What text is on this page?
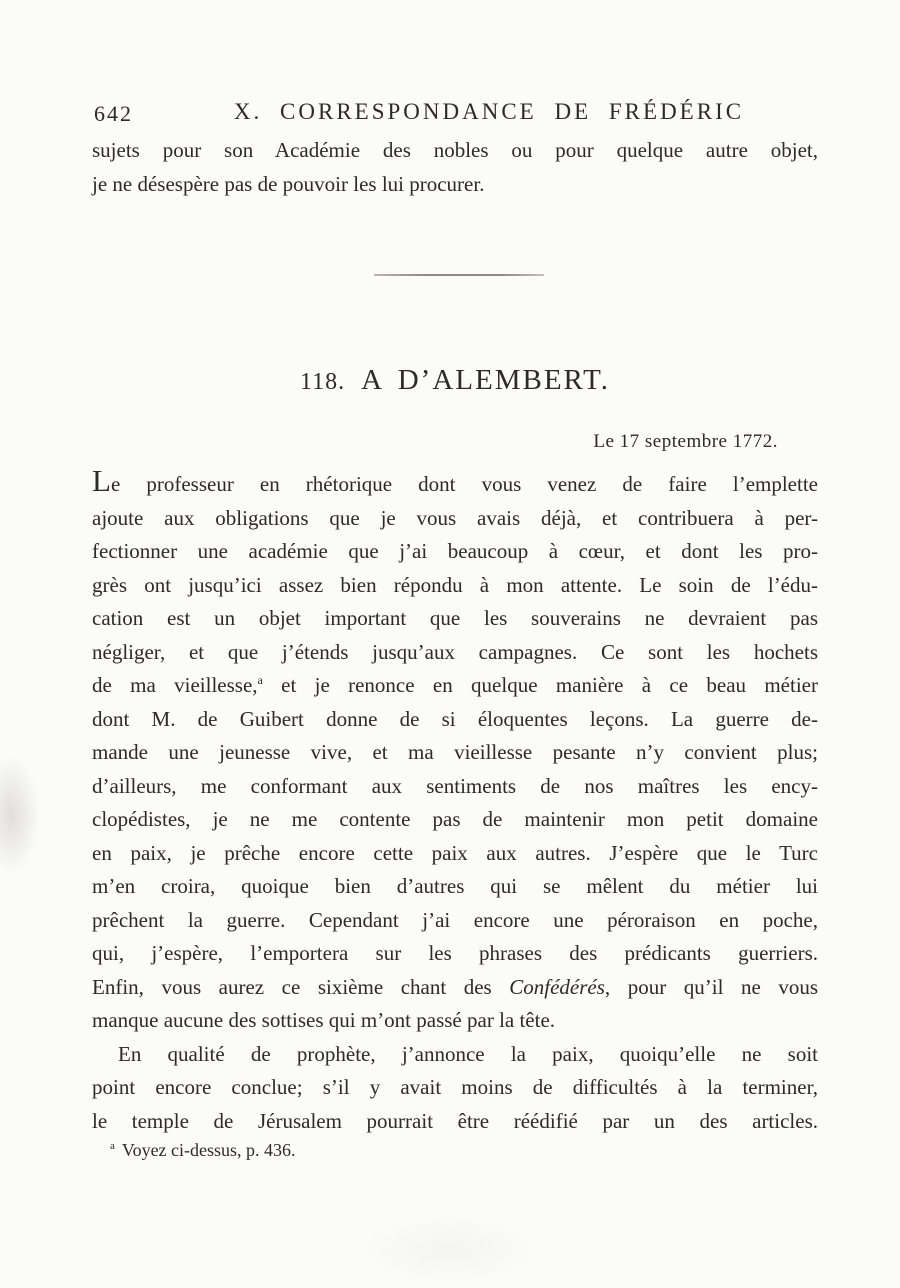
642	X. CORRESPONDANCE DE FRÉDÉRIC
sujets pour son Académie des nobles ou pour quelque autre objet,
je ne désespère pas de pouvoir les lui procurer.
118. A D’ALEMBERT.
Le 17 septembre 1772.
Le professeur en rhétorique dont vous venez de faire l’emplette
ajoute aux obligations que je vous avais déjà, et contribuera à per-
fectionner une académie que j’ai beaucoup à cœur, et dont les pro-
grès ont jusqu’ici assez bien répondu à mon attente. Le soin de l’édu-
cation est un objet important que les souverains ne devraient pas
négliger, et que j’étends jusqu’aux campagnes. Ce sont les hochets
de ma vieillesse,$^a$ et je renonce en quelque manière à ce beau métier
dont M. de Guibert donne de si éloquentes leçons. La guerre de-
mande une jeunesse vive, et ma vieillesse pesante n’y convient plus;
d’ailleurs, me conformant aux sentiments de nos maîtres les ency-
clopédistes, je ne me contente pas de maintenir mon petit domaine
en paix, je prêche encore cette paix aux autres. J’espère que le Turc
m’en croira, quoique bien d’autres qui se mêlent du métier lui
prêchent la guerre. Cependant j’ai encore une péroraison en poche,
qui, j’espère, l’emportera sur les phrases des prédicants guerriers.
Enfin, vous aurez ce sixième chant des Confédérés, pour qu’il ne vous
manque aucune des sottises qui m’ont passé par la tête.
En qualité de prophète, j’annonce la paix, quoiqu’elle ne soit
point encore conclue; s’il y avait moins de difficultés à la terminer,
le temple de Jérusalem pourrait être réédifié par un des articles.
$^a$ Voyez ci-dessus, p. 436.
